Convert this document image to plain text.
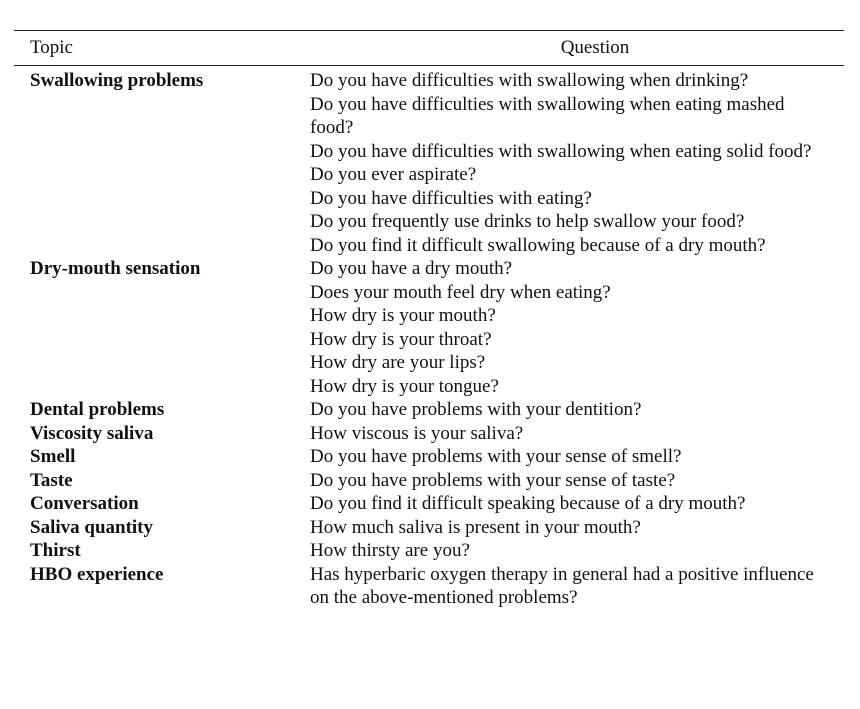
Topic	Question
Swallowing problems	Do you have difficulties with swallowing when drinking?
Do you have difficulties with swallowing when eating mashed food?
Do you have difficulties with swallowing when eating solid food?
Do you ever aspirate?
Do you have difficulties with eating?
Do you frequently use drinks to help swallow your food?
Do you find it difficult swallowing because of a dry mouth?
Dry-mouth sensation	Do you have a dry mouth?
Does your mouth feel dry when eating?
How dry is your mouth?
How dry is your throat?
How dry are your lips?
How dry is your tongue?
Dental problems	Do you have problems with your dentition?
Viscosity saliva	How viscous is your saliva?
Smell	Do you have problems with your sense of smell?
Taste	Do you have problems with your sense of taste?
Conversation	Do you find it difficult speaking because of a dry mouth?
Saliva quantity	How much saliva is present in your mouth?
Thirst	How thirsty are you?
HBO experience	Has hyperbaric oxygen therapy in general had a positive influence on the above-mentioned problems?
